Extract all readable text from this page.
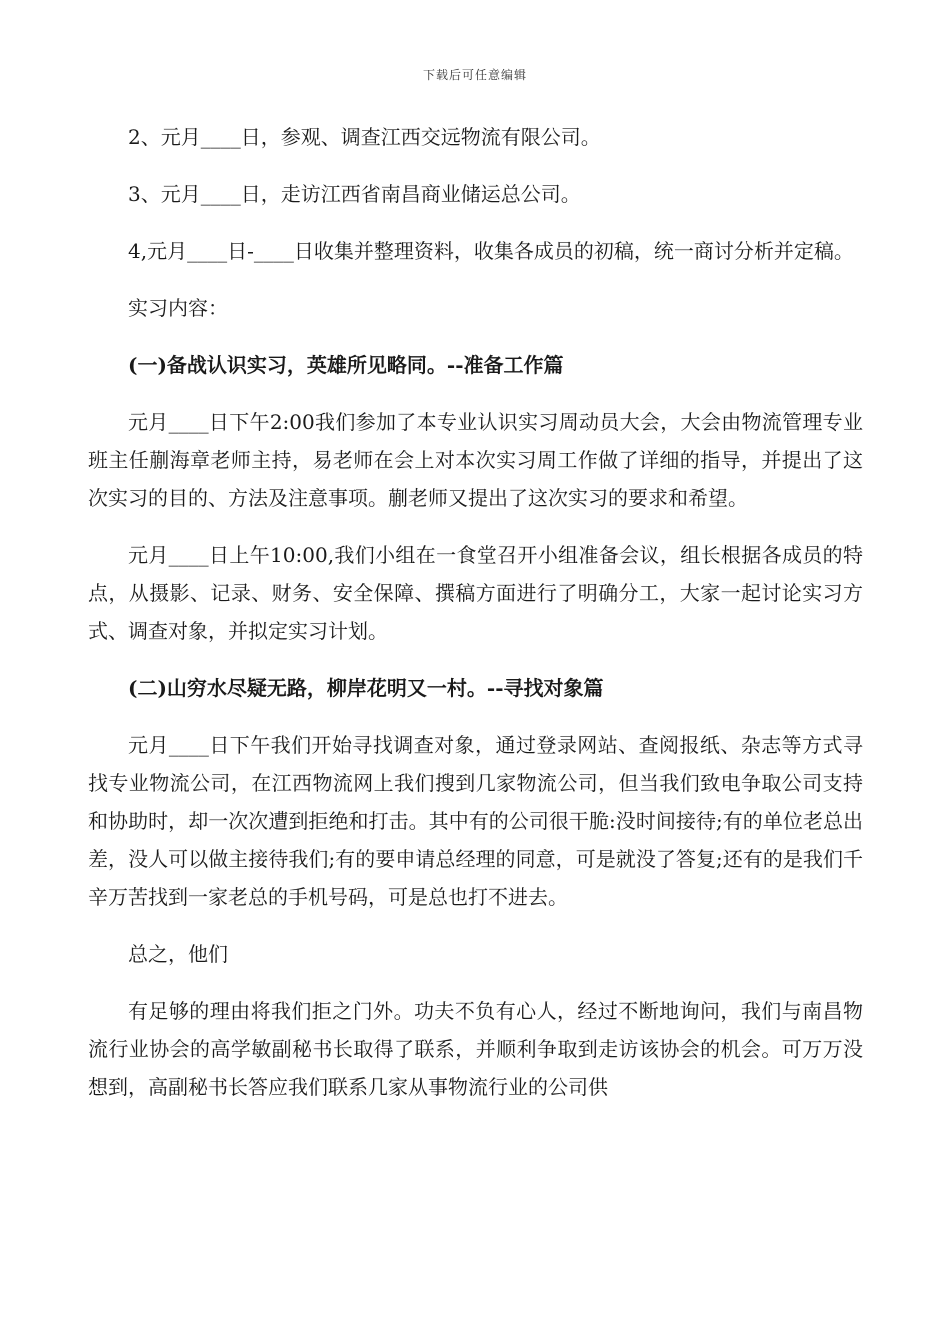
下载后可任意编辑

2、元月____日，参观、调查江西交远物流有限公司。

3、元月____日，走访江西省南昌商业储运总公司。

4,元月____日-____日收集并整理资料，收集各成员的初稿，统一商讨分析并定稿。

实习内容：

(一)备战认识实习，英雄所见略同。--准备工作篇

元月____日下午2:00我们参加了本专业认识实习周动员大会，大会由物流管理专业班主任蒯海章老师主持，易老师在会上对本次实习周工作做了详细的指导，并提出了这次实习的目的、方法及注意事项。蒯老师又提出了这次实习的要求和希望。

元月____日上午10:00,我们小组在一食堂召开小组准备会议，组长根据各成员的特点，从摄影、记录、财务、安全保障、撰稿方面进行了明确分工，大家一起讨论实习方式、调查对象，并拟定实习计划。

(二)山穷水尽疑无路，柳岸花明又一村。--寻找对象篇

元月____日下午我们开始寻找调查对象，通过登录网站、查阅报纸、杂志等方式寻找专业物流公司，在江西物流网上我们搜到几家物流公司，但当我们致电争取公司支持和协助时，却一次次遭到拒绝和打击。其中有的公司很干脆:没时间接待;有的单位老总出差，没人可以做主接待我们;有的要申请总经理的同意，可是就没了答复;还有的是我们千辛万苦找到一家老总的手机号码，可是总也打不进去。

总之，他们

有足够的理由将我们拒之门外。功夫不负有心人，经过不断地询问，我们与南昌物流行业协会的高学敏副秘书长取得了联系，并顺利争取到走访该协会的机会。可万万没想到，高副秘书长答应我们联系几家从事物流行业的公司供
